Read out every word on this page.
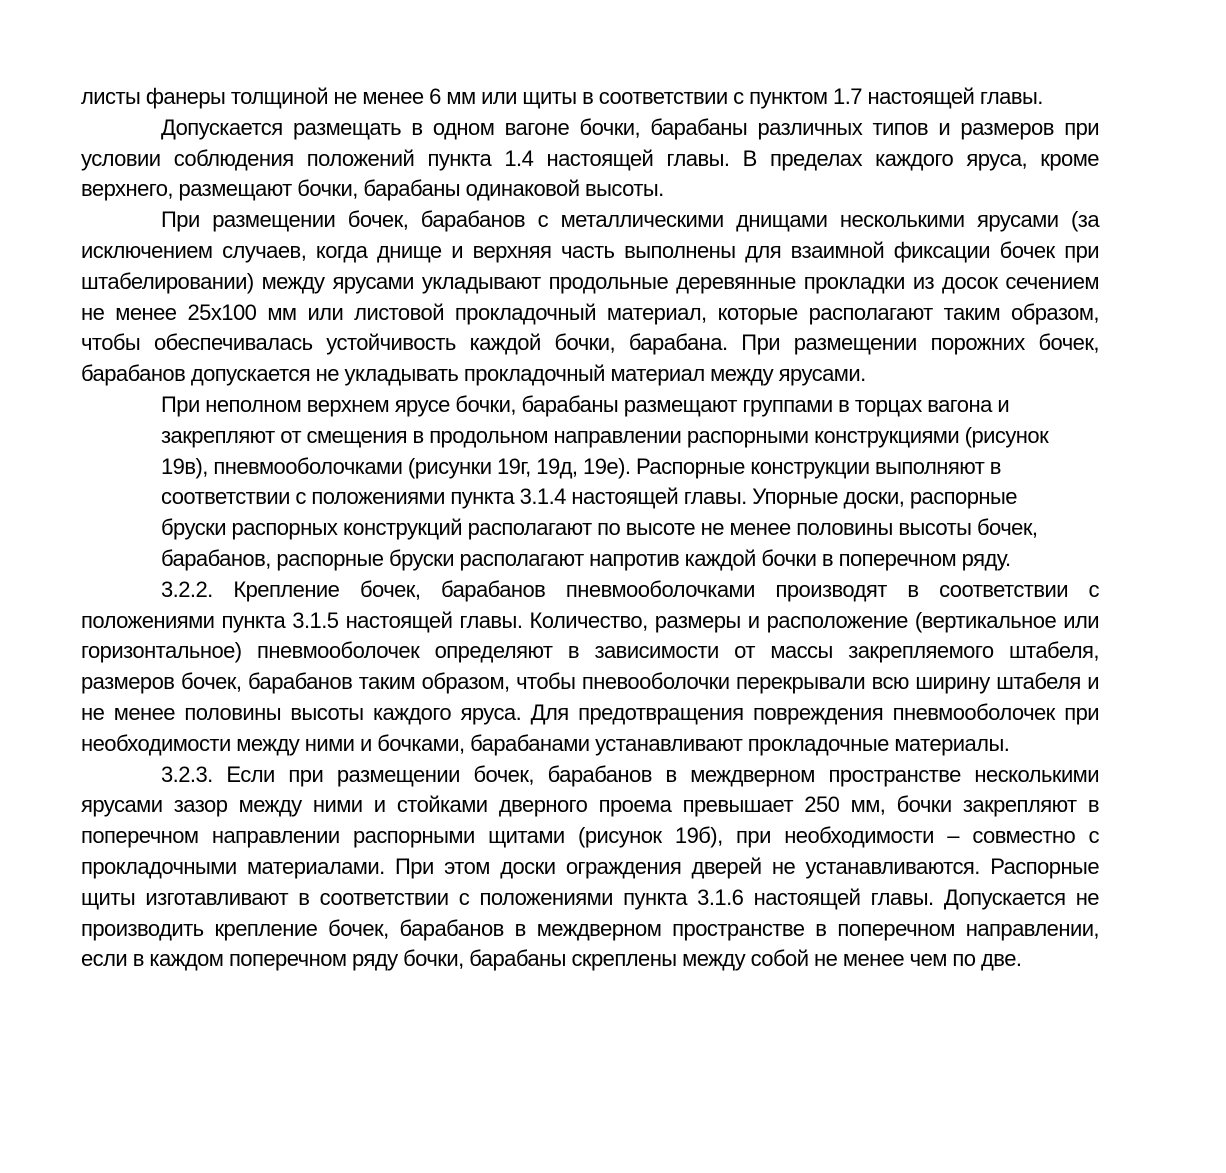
листы фанеры толщиной не менее 6 мм или щиты в соответствии с пунктом 1.7 настоящей главы.

Допускается размещать в одном вагоне бочки, барабаны различных типов и размеров при условии соблюдения положений пункта 1.4 настоящей главы. В пределах каждого яруса, кроме верхнего, размещают бочки, барабаны одинаковой высоты.

При размещении бочек, барабанов с металлическими днищами несколькими ярусами (за исключением случаев, когда днище и верхняя часть выполнены для взаимной фиксации бочек при штабелировании) между ярусами укладывают продольные деревянные прокладки из досок сечением не менее 25х100 мм или листовой прокладочный материал, которые располагают таким образом, чтобы обеспечивалась устойчивость каждой бочки, барабана. При размещении порожних бочек, барабанов допускается не укладывать прокладочный материал между ярусами.

При неполном верхнем ярусе бочки, барабаны размещают группами в торцах вагона и закрепляют от смещения в продольном направлении распорными конструкциями (рисунок 19в), пневмооболочками (рисунки 19г, 19д, 19е). Распорные конструкции выполняют в соответствии с положениями пункта 3.1.4 настоящей главы. Упорные доски, распорные бруски распорных конструкций располагают по высоте не менее половины высоты бочек, барабанов, распорные бруски располагают напротив каждой бочки в поперечном ряду.

3.2.2. Крепление бочек, барабанов пневмооболочками производят в соответствии с положениями пункта 3.1.5 настоящей главы. Количество, размеры и расположение (вертикальное или горизонтальное) пневмооболочек определяют в зависимости от массы закрепляемого штабеля, размеров бочек, барабанов таким образом, чтобы пневооболочки перекрывали всю ширину штабеля и не менее половины высоты каждого яруса. Для предотвращения повреждения пневмооболочек при необходимости между ними и бочками, барабанами устанавливают прокладочные материалы.

3.2.3. Если при размещении бочек, барабанов в междверном пространстве несколькими ярусами зазор между ними и стойками дверного проема превышает 250 мм, бочки закрепляют в поперечном направлении распорными щитами (рисунок 19б), при необходимости – совместно с прокладочными материалами. При этом доски ограждения дверей не устанавливаются. Распорные щиты изготавливают в соответствии с положениями пункта 3.1.6 настоящей главы. Допускается не производить крепление бочек, барабанов в междверном пространстве в поперечном направлении, если в каждом поперечном ряду бочки, барабаны скреплены между собой не менее чем по две.
